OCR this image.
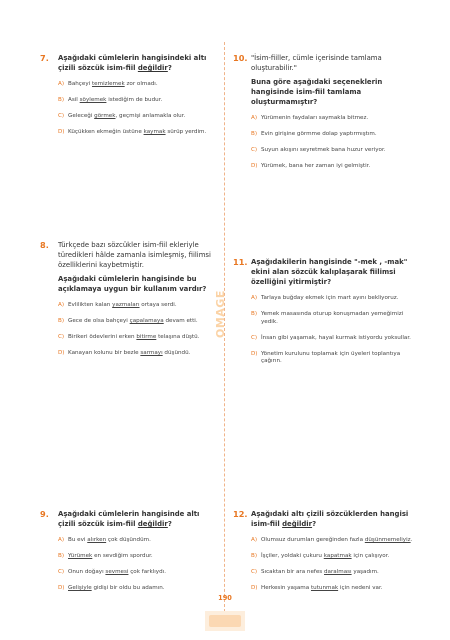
7.	Aşağıdaki cümlelerin hangisindeki altı çizili sözcük isim-fiil değildir?
A) Bahçeyi temizlemek zor olmadı.
B) Asil söylemek istediğim de budur.
C) Geleceği görmek, geçmişi anlamakla olur.
D) Küçükken ekmeğin üstüne kaymak sürüp yerdim.
8.	Türkçede bazı sözcükler isim-fiil ekleriyle türedikleri hâlde zamanla isimleşmiş, fiilimsi özelliklerini kaybetmiştir.
Aşağıdaki cümlelerin hangisinde bu açıklamaya uygun bir kullanım vardır?
A) Evlilikten kalan yazmaları ortaya serdi.
B) Gece de olsa bahçeyi çapalamaya devam etti.
C) Birikeri ödevlerini erken bitirme telaşına düştü.
D) Kanayan kolunu bir bezle sarmayı düşündü.
9.	Aşağıdaki cümlelerin hangisinde altı çizili sözcük isim-fiil değildir?
A) Bu evi alırken çok düşündüm.
B) Yürümek en sevdiğim spordur.
C) Onun doğayı sevmesi çok farklıydı.
D) Gelişiyle gidişi bir oldu bu adamın.
10. "İsim-fiiller, cümle içerisinde tamlama oluşturabilir."
Buna göre aşağıdaki seçeneklerin hangisinde isim-fiil tamlama oluşturmamıştır?
A) Yürümenin faydaları saymakla bitmez.
B) Evin girişine görmme dolap yaptırmıştım.
C) Suyun akışını seyretmek bana huzur veriyor.
D) Yürümek, bana her zaman iyi gelmiştir.
11. Aşağıdakilerin hangisinde "-mek , -mak" ekini alan sözcük kalıplaşarak fiilimsi özelliğini yitirmiştir?
A) Tarlaya buğday ekmek için mart ayını bekliyoruz.
B) Yemek masasında oturup konuşmadan yemeğimizi yedik.
C) İnsan gibi yaşamak, hayal kurmak istiyordu yoksullar.
D) Yönetim kurulunu toplamak için üyeleri toplantıya çağırın.
12. Aşağıdaki altı çizili sözcüklerden hangisi isim-fiil değildir?
A) Olumsuz durumları gereğinden fazla düşünmemeliyiz.
B) İşçiler, yoldaki çukuru kapatmak için çalışıyor.
C) Sıcaktan bir ara nefes daralması yaşadım.
D) Herkesin yaşama tutunmak için nedeni var.
OMAGE
190
